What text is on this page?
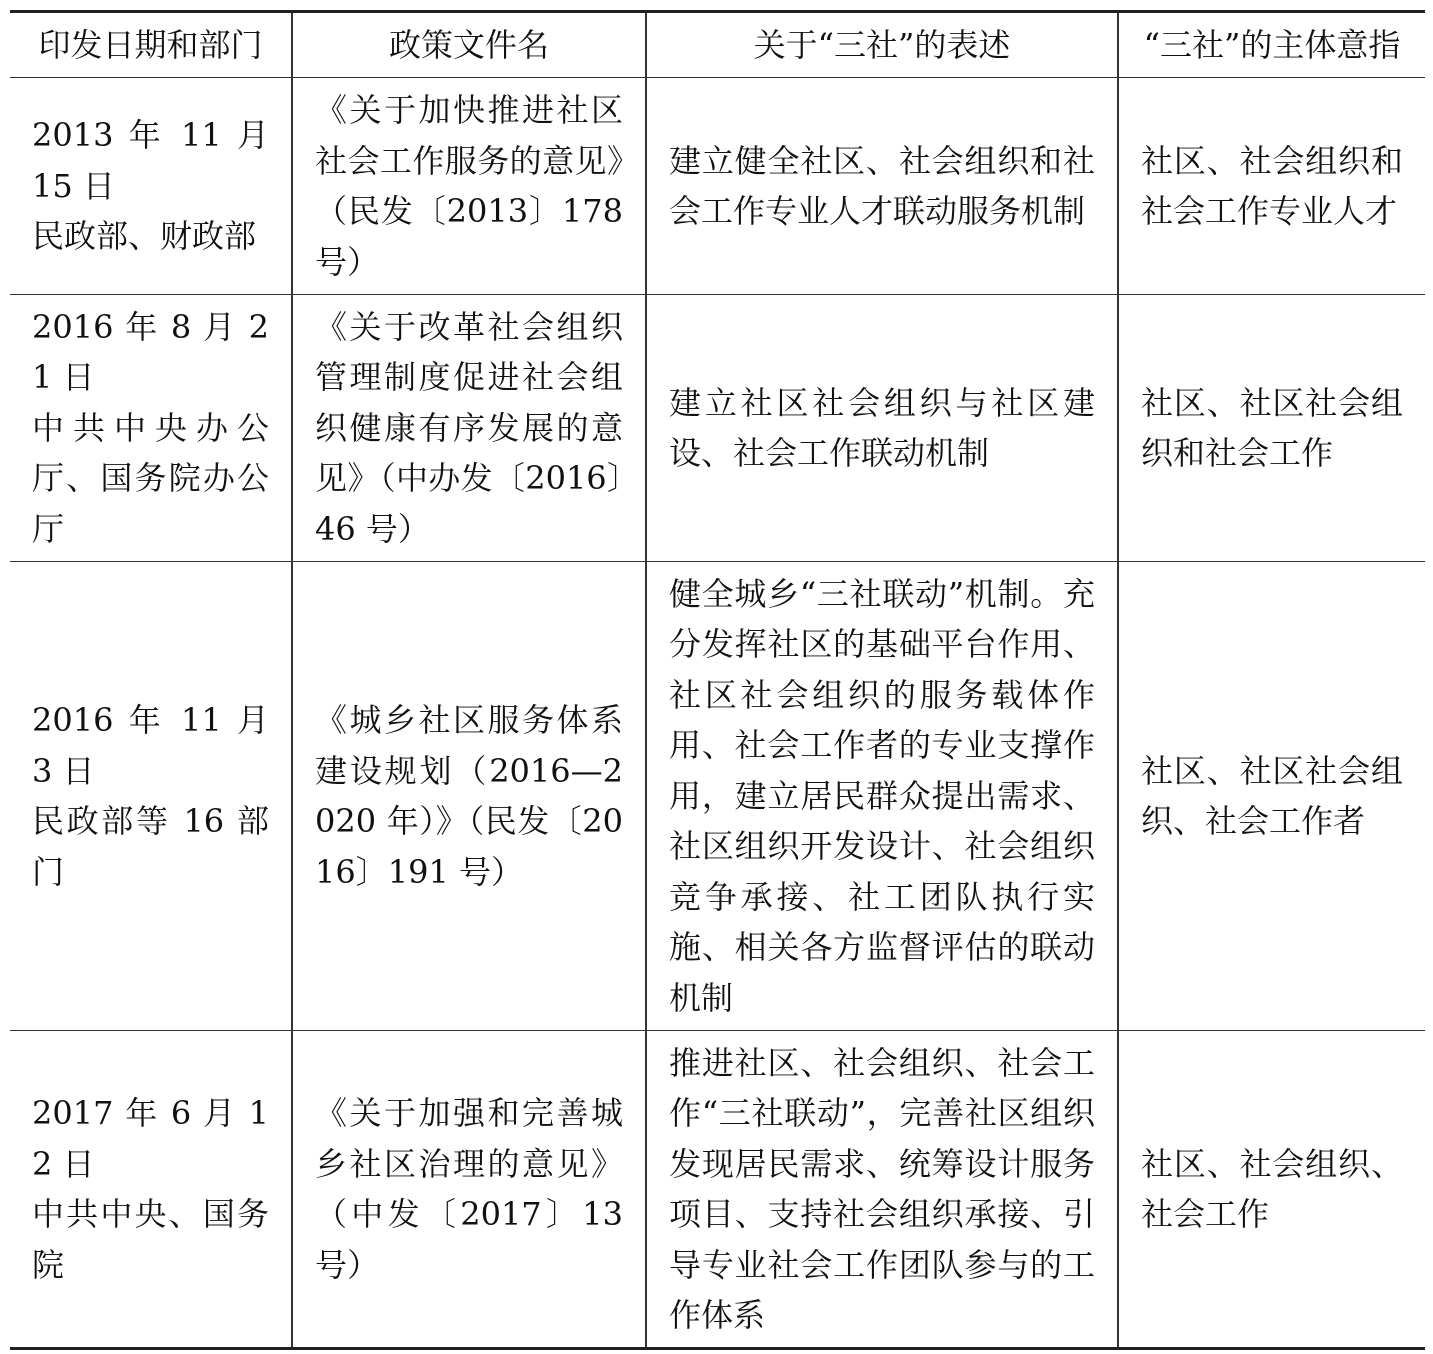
印发日期和部门	政策文件名	关于“三社”的表述	“三社”的主体意指

2013 年 11 月 15 日
民政部、财政部	《关于加快推进社区社会工作服务的意见》（民发〔2013〕178 号）	建立健全社区、社会组织和社会工作专业人才联动服务机制	社区、社会组织和社会工作专业人才

2016 年 8 月 21 日
中共中央办公厅、国务院办公厅	《关于改革社会组织管理制度促进社会组织健康有序发展的意见》（中办发〔2016〕46 号）	建立社区社会组织与社区建设、社会工作联动机制	社区、社区社会组织和社会工作

2016 年 11 月 3 日
民政部等 16 部门	《城乡社区服务体系建设规划（2016—2020 年）》（民发〔2016〕191 号）	健全城乡“三社联动”机制。充分发挥社区的基础平台作用、社区社会组织的服务载体作用、社会工作者的专业支撑作用，建立居民群众提出需求、社区组织开发设计、社会组织竞争承接、社工团队执行实施、相关各方监督评估的联动机制	社区、社区社会组织、社会工作者

2017 年 6 月 12 日
中共中央、国务院	《关于加强和完善城乡社区治理的意见》（中发〔2017〕13 号）	推进社区、社会组织、社会工作“三社联动”，完善社区组织发现居民需求、统筹设计服务项目、支持社会组织承接、引导专业社会工作团队参与的工作体系	社区、社会组织、社会工作
